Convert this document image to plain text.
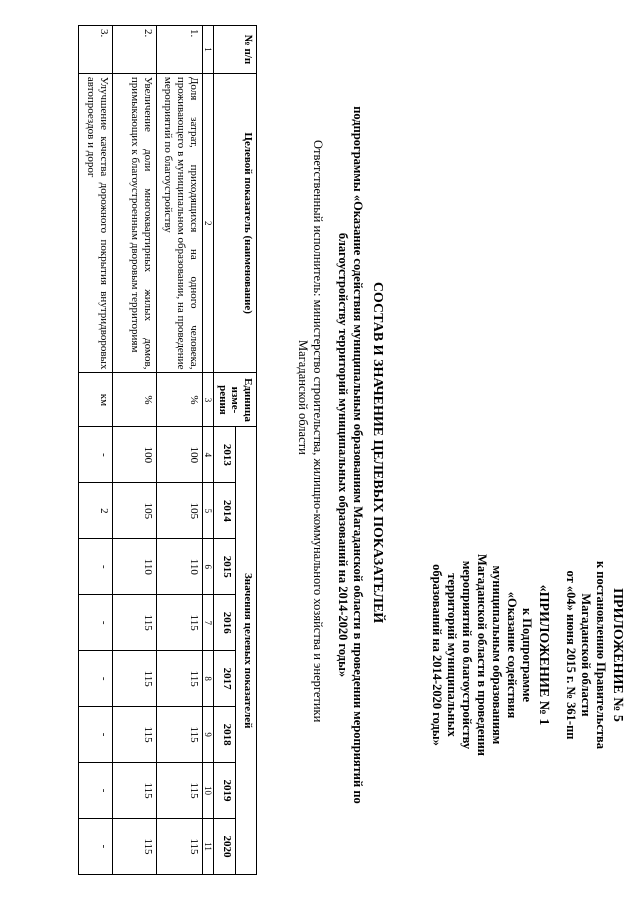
ПРИЛОЖЕНИЕ № 5
к постановлению Правительства
Магаданской области
от «04» июня 2015 г. № 361-пп
«ПРИЛОЖЕНИЕ № 1
к Подпрограмме
«Оказание содействия
муниципальным образованиям
Магаданской области в проведении
мероприятий по благоустройству
территорий муниципальных
образований на 2014-2020 годы»
СОСТАВ И ЗНАЧЕНИЕ ЦЕЛЕВЫХ ПОКАЗАТЕЛЕЙ
подпрограммы «Оказание содействия муниципальным образованиям Магаданской области в проведении мероприятий по
благоустройству территорий муниципальных образований на 2014-2020 годы»
Ответственный исполнитель: министерство строительства, жилищно-коммунального хозяйства и энергетики
Магаданской области
№ п/п	Целевой показатель (наименование)	Единица изме-рения	Значения целевых показателей							
			2013	2014	2015	2016	2017	2018	2019	2020
1	2	3	4	5	6	7	8	9	10	11
1.	Доля затрат, приходящихся на одного человека, проживающего в муниципальном образовании, на проведение мероприятий по благоустройству	%	100	105	110	115	115	115	115	115
2.	Увеличение доли многоквартирных жилых домов, примыкающих к благоустроенным дворовым территориям	%	100	105	110	115	115	115	115	115
3.	Улучшение качества дорожного покрытия внутридворовых автопроездов и дорог	км	-	2	-	-	-	-	-	-
